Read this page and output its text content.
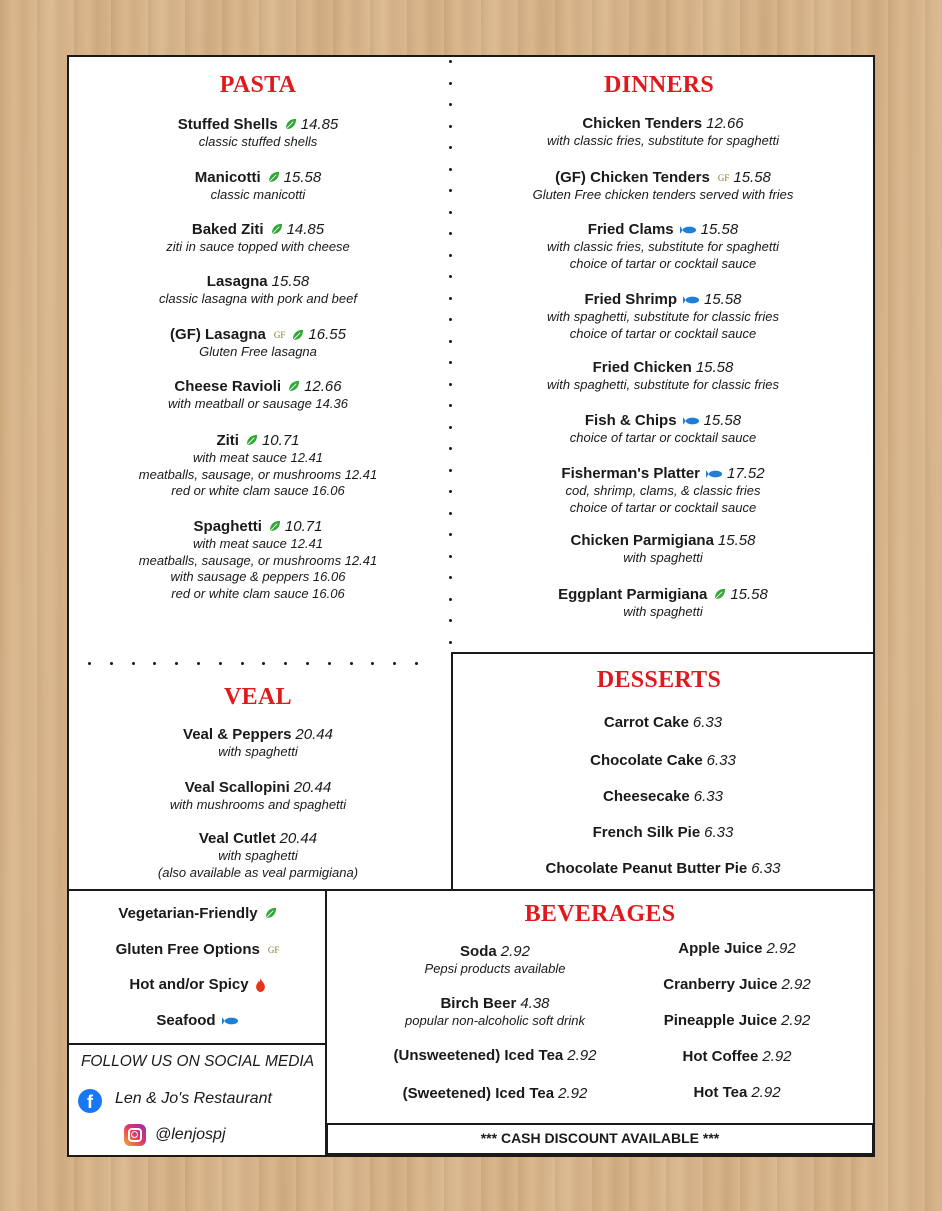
PASTA	DINNERS
VEAL
DESSERTS
BEVERAGES
Stuffed Shells 14.85
classic stuffed shells
Manicotti 15.58
classic manicotti
Baked Ziti 14.85
ziti in sauce topped with cheese
Lasagna 15.58
classic lasagna with pork and beef
(GF) Lasagna GF 16.55
Gluten Free lasagna
Cheese Ravioli 12.66
with meatball or sausage 14.36
Ziti 10.71
with meat sauce 12.41
meatballs, sausage, or mushrooms 12.41
red or white clam sauce 16.06
Spaghetti 10.71
with meat sauce 12.41
meatballs, sausage, or mushrooms 12.41
with sausage & peppers 16.06
red or white clam sauce 16.06
Chicken Tenders 12.66
with classic fries, substitute for spaghetti
(GF) Chicken Tenders GF 15.58
Gluten Free chicken tenders served with fries
Fried Clams 15.58
with classic fries, substitute for spaghetti
choice of tartar or cocktail sauce
Fried Shrimp 15.58
with spaghetti, substitute for classic fries
choice of tartar or cocktail sauce
Fried Chicken 15.58
with spaghetti, substitute for classic fries
Fish & Chips 15.58
choice of tartar or cocktail sauce
Fisherman's Platter 17.52
cod, shrimp, clams, & classic fries
choice of tartar or cocktail sauce
Chicken Parmigiana 15.58
with spaghetti
Eggplant Parmigiana 15.58
with spaghetti
Veal & Peppers 20.44
with spaghetti
Veal Scallopini 20.44
with mushrooms and spaghetti
Veal Cutlet 20.44
with spaghetti
(also available as veal parmigiana)
Carrot Cake 6.33
Chocolate Cake 6.33
Cheesecake 6.33
French Silk Pie 6.33
Chocolate Peanut Butter Pie 6.33
Soda 2.92
Pepsi products available
Birch Beer 4.38
popular non-alcoholic soft drink
(Unsweetened) Iced Tea 2.92
(Sweetened) Iced Tea 2.92
Apple Juice 2.92
Cranberry Juice 2.92
Pineapple Juice 2.92
Hot Coffee 2.92
Hot Tea 2.92
Vegetarian-Friendly
Gluten Free Options GF
Hot and/or Spicy
Seafood
FOLLOW US ON SOCIAL MEDIA
f	Len & Jo's Restaurant
@lenjospj	*** CASH DISCOUNT AVAILABLE ***
